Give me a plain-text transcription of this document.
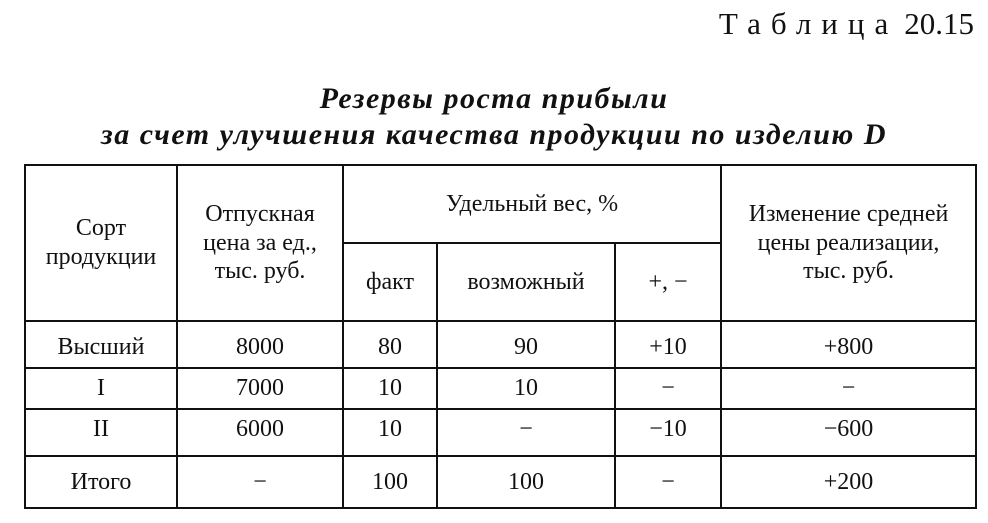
Таблица 20.15
Резервы роста прибыли
за счет улучшения качества продукции по изделию D
Сорт
продукции	Отпускная
цена за ед.,
тыс. руб.	Удельный вес, %			Изменение средней
цены реализации,
тыс. руб.
		факт	возможный	+, −	
Высший	8000	80	90	+10	+800
I	7000	10	10	−	−
II	6000	10	−	−10	−600
Итого	−	100	100	−	+200
